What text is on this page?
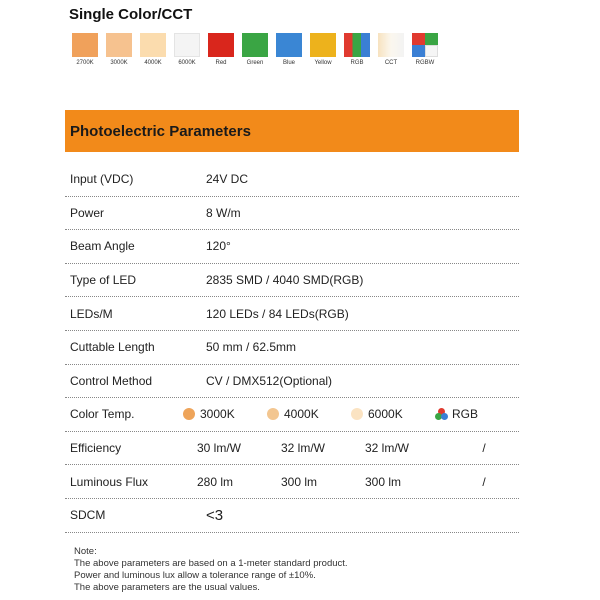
Single Color/CCT
2700K	3000K	4000K	6000K	Red	Green	Blue	Yellow	RGB	CCT	RGBW
Photoelectric Parameters
Input (VDC)	24V DC
Power	8 W/m
Beam Angle	120°
Type of LED	2835 SMD / 4040 SMD(RGB)
LEDs/M	120 LEDs / 84 LEDs(RGB)
Cuttable Length	50 mm / 62.5mm
Control Method	CV / DMX512(Optional)
Color Temp.	3000K	4000K	6000K	RGB
Efficiency	30 lm/W	32 lm/W	32 lm/W	/
Luminous Flux	280 lm	300 lm	300 lm	/
SDCM	<3
Note:
The above parameters are based on a 1-meter standard product.
Power and luminous lux allow a tolerance range of ±10%.
The above parameters are the usual values.
